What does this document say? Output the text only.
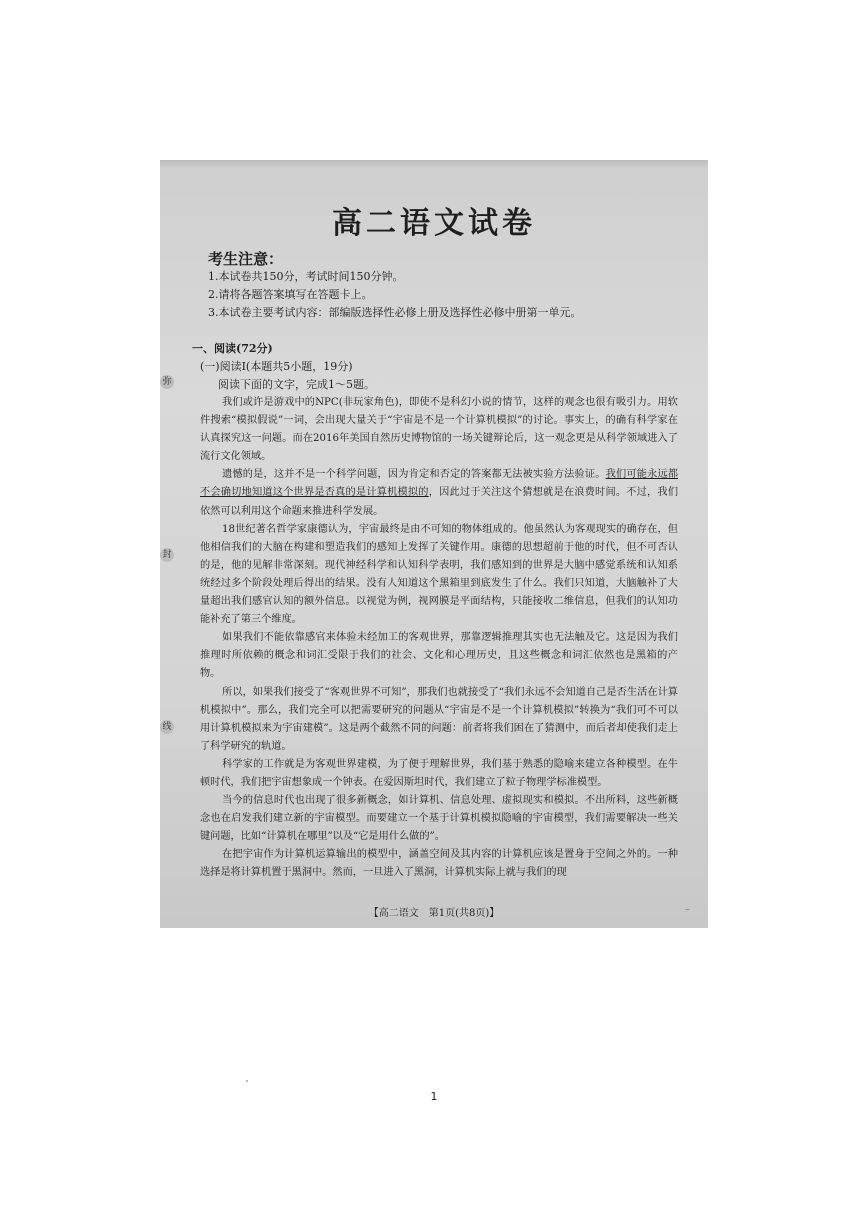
高二语文试卷
考生注意：
1.本试卷共150分，考试时间150分钟。
2.请将各题答案填写在答题卡上。
3.本试卷主要考试内容：部编版选择性必修上册及选择性必修中册第一单元。
弥
封
线
一、阅读(72分)
(一)阅读Ⅰ(本题共5小题，19分)
阅读下面的文字，完成1～5题。

我们或许是游戏中的NPC(非玩家角色)，即使不是科幻小说的情节，这样的观念也很有吸引力。用软件搜索“模拟假说”一词，会出现大量关于“宇宙是不是一个计算机模拟”的讨论。事实上，的确有科学家在认真探究这一问题。而在2016年美国自然历史博物馆的一场关键辩论后，这一观念更是从科学领域进入了流行文化领域。

遗憾的是，这并不是一个科学问题，因为肯定和否定的答案都无法被实验方法验证。我们可能永远都不会确切地知道这个世界是否真的是计算机模拟的，因此过于关注这个猜想就是在浪费时间。不过，我们依然可以利用这个命题来推进科学发展。

18世纪著名哲学家康德认为，宇宙最终是由不可知的物体组成的。他虽然认为客观现实的确存在，但他相信我们的大脑在构建和塑造我们的感知上发挥了关键作用。康德的思想超前于他的时代，但不可否认的是，他的见解非常深刻。现代神经科学和认知科学表明，我们感知到的世界是大脑中感觉系统和认知系统经过多个阶段处理后得出的结果。没有人知道这个黑箱里到底发生了什么。我们只知道，大脑触补了大量超出我们感官认知的额外信息。以视觉为例，视网膜是平面结构，只能接收二维信息，但我们的认知功能补充了第三个维度。

如果我们不能依靠感官来体验未经加工的客观世界，那靠逻辑推理其实也无法触及它。这是因为我们推理时所依赖的概念和词汇受限于我们的社会、文化和心理历史，且这些概念和词汇依然也是黑箱的产物。

所以，如果我们接受了“客观世界不可知”，那我们也就接受了“我们永远不会知道自己是否生活在计算机模拟中”。那么，我们完全可以把需要研究的问题从“宇宙是不是一个计算机模拟”转换为“我们可不可以用计算机模拟来为宇宙建模”。这是两个截然不同的问题：前者将我们困在了猜测中，而后者却使我们走上了科学研究的轨道。

科学家的工作就是为客观世界建模，为了便于理解世界，我们基于熟悉的隐喻来建立各种模型。在牛顿时代，我们把宇宙想象成一个钟表。在爱因斯坦时代，我们建立了粒子物理学标准模型。

当今的信息时代也出现了很多新概念，如计算机、信息处理、虚拟现实和模拟。不出所料，这些新概念也在启发我们建立新的宇宙模型。而要建立一个基于计算机模拟隐喻的宇宙模型，我们需要解决一些关键问题，比如“计算机在哪里”以及“它是用什么做的”。

在把宇宙作为计算机运算输出的模型中，涵盖空间及其内容的计算机应该是置身于空间之外的。一种选择是将计算机置于黑洞中。然而，一旦进入了黑洞，计算机实际上就与我们的现

【高二语文　第1页(共8页)】	–
1
